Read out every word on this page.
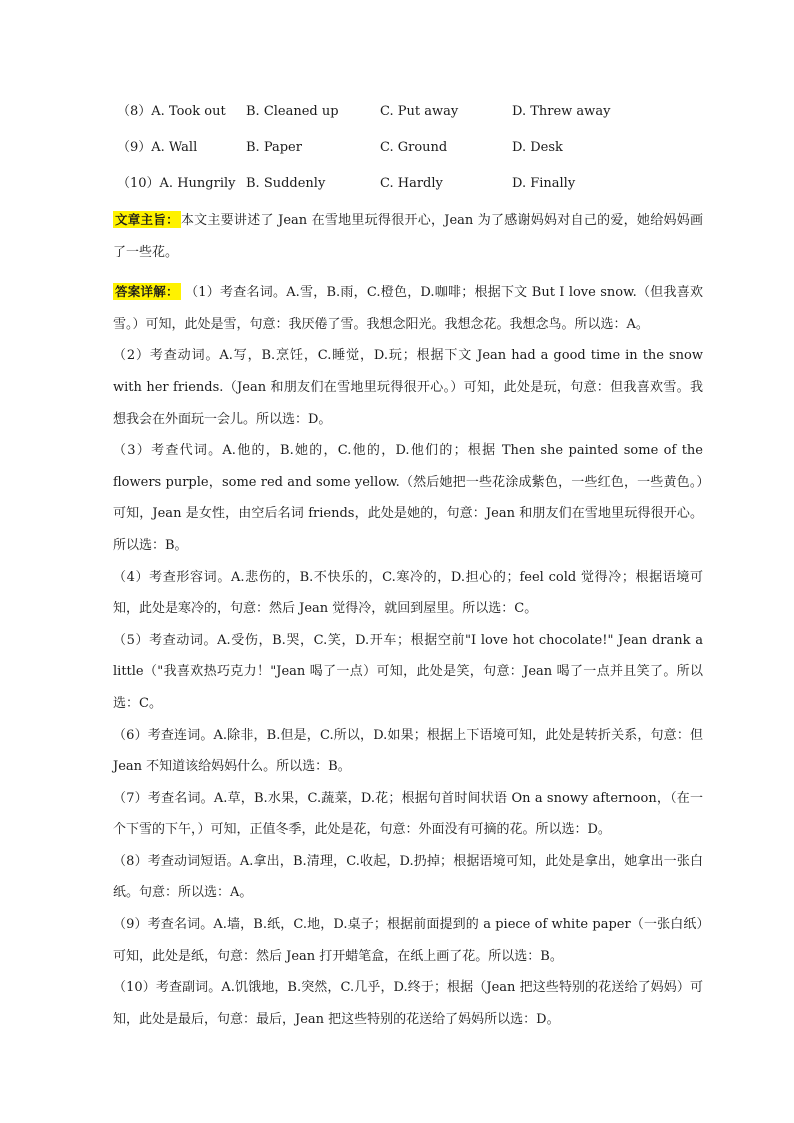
（8）A. Took out B. Cleaned up	C. Put away	D. Threw away
（9）A. Wall	B. Paper	C. Ground	D. Desk
（10）A. Hungrily B. Suddenly	C. Hardly	D. Finally

文章主旨： 本文主要讲述了 Jean 在雪地里玩得很开心，Jean 为了感谢妈妈对自己的爱，她给妈妈画了一些花。

答案详解： （1）考查名词。A.雪，B.雨，C.橙色，D.咖啡；根据下文 But I love snow.（但我喜欢雪。）可知，此处是雪，句意：我厌倦了雪。我想念阳光。我想念花。我想念鸟。所以选：A。

（2）考查动词。A.写，B.烹饪，C.睡觉，D.玩；根据下文 Jean had a good time in the snow with her friends.（Jean 和朋友们在雪地里玩得很开心。）可知，此处是玩，句意：但我喜欢雪。我想我会在外面玩一会儿。所以选：D。

（3）考查代词。A.他的，B.她的，C.他的，D.他们的；根据 Then she painted some of the flowers purple，some red and some yellow.（然后她把一些花涂成紫色，一些红色，一些黄色。）可知，Jean 是女性，由空后名词 friends，此处是她的，句意：Jean 和朋友们在雪地里玩得很开心。所以选：B。

（4）考查形容词。A.悲伤的，B.不快乐的，C.寒冷的，D.担心的；feel cold 觉得冷；根据语境可知，此处是寒冷的，句意：然后 Jean 觉得冷，就回到屋里。所以选：C。

（5）考查动词。A.受伤，B.哭，C.笑，D.开车；根据空前"I love hot chocolate!" Jean drank a little（"我喜欢热巧克力！"Jean 喝了一点）可知，此处是笑，句意：Jean 喝了一点并且笑了。所以选：C。

（6）考查连词。A.除非，B.但是，C.所以，D.如果；根据上下语境可知，此处是转折关系，句意：但 Jean 不知道该给妈妈什么。所以选：B。

（7）考查名词。A.草，B.水果，C.蔬菜，D.花；根据句首时间状语 On a snowy afternoon，（在一个下雪的下午，）可知，正值冬季，此处是花，句意：外面没有可摘的花。所以选：D。

（8）考查动词短语。A.拿出，B.清理，C.收起，D.扔掉；根据语境可知，此处是拿出，她拿出一张白纸。句意：所以选：A。

（9）考查名词。A.墙，B.纸，C.地，D.桌子；根据前面提到的 a piece of white paper（一张白纸）可知，此处是纸，句意：然后 Jean 打开蜡笔盒，在纸上画了花。所以选：B。

（10）考查副词。A.饥饿地，B.突然，C.几乎，D.终于；根据（Jean 把这些特别的花送给了妈妈）可知，此处是最后，句意：最后，Jean 把这些特别的花送给了妈妈所以选：D。
